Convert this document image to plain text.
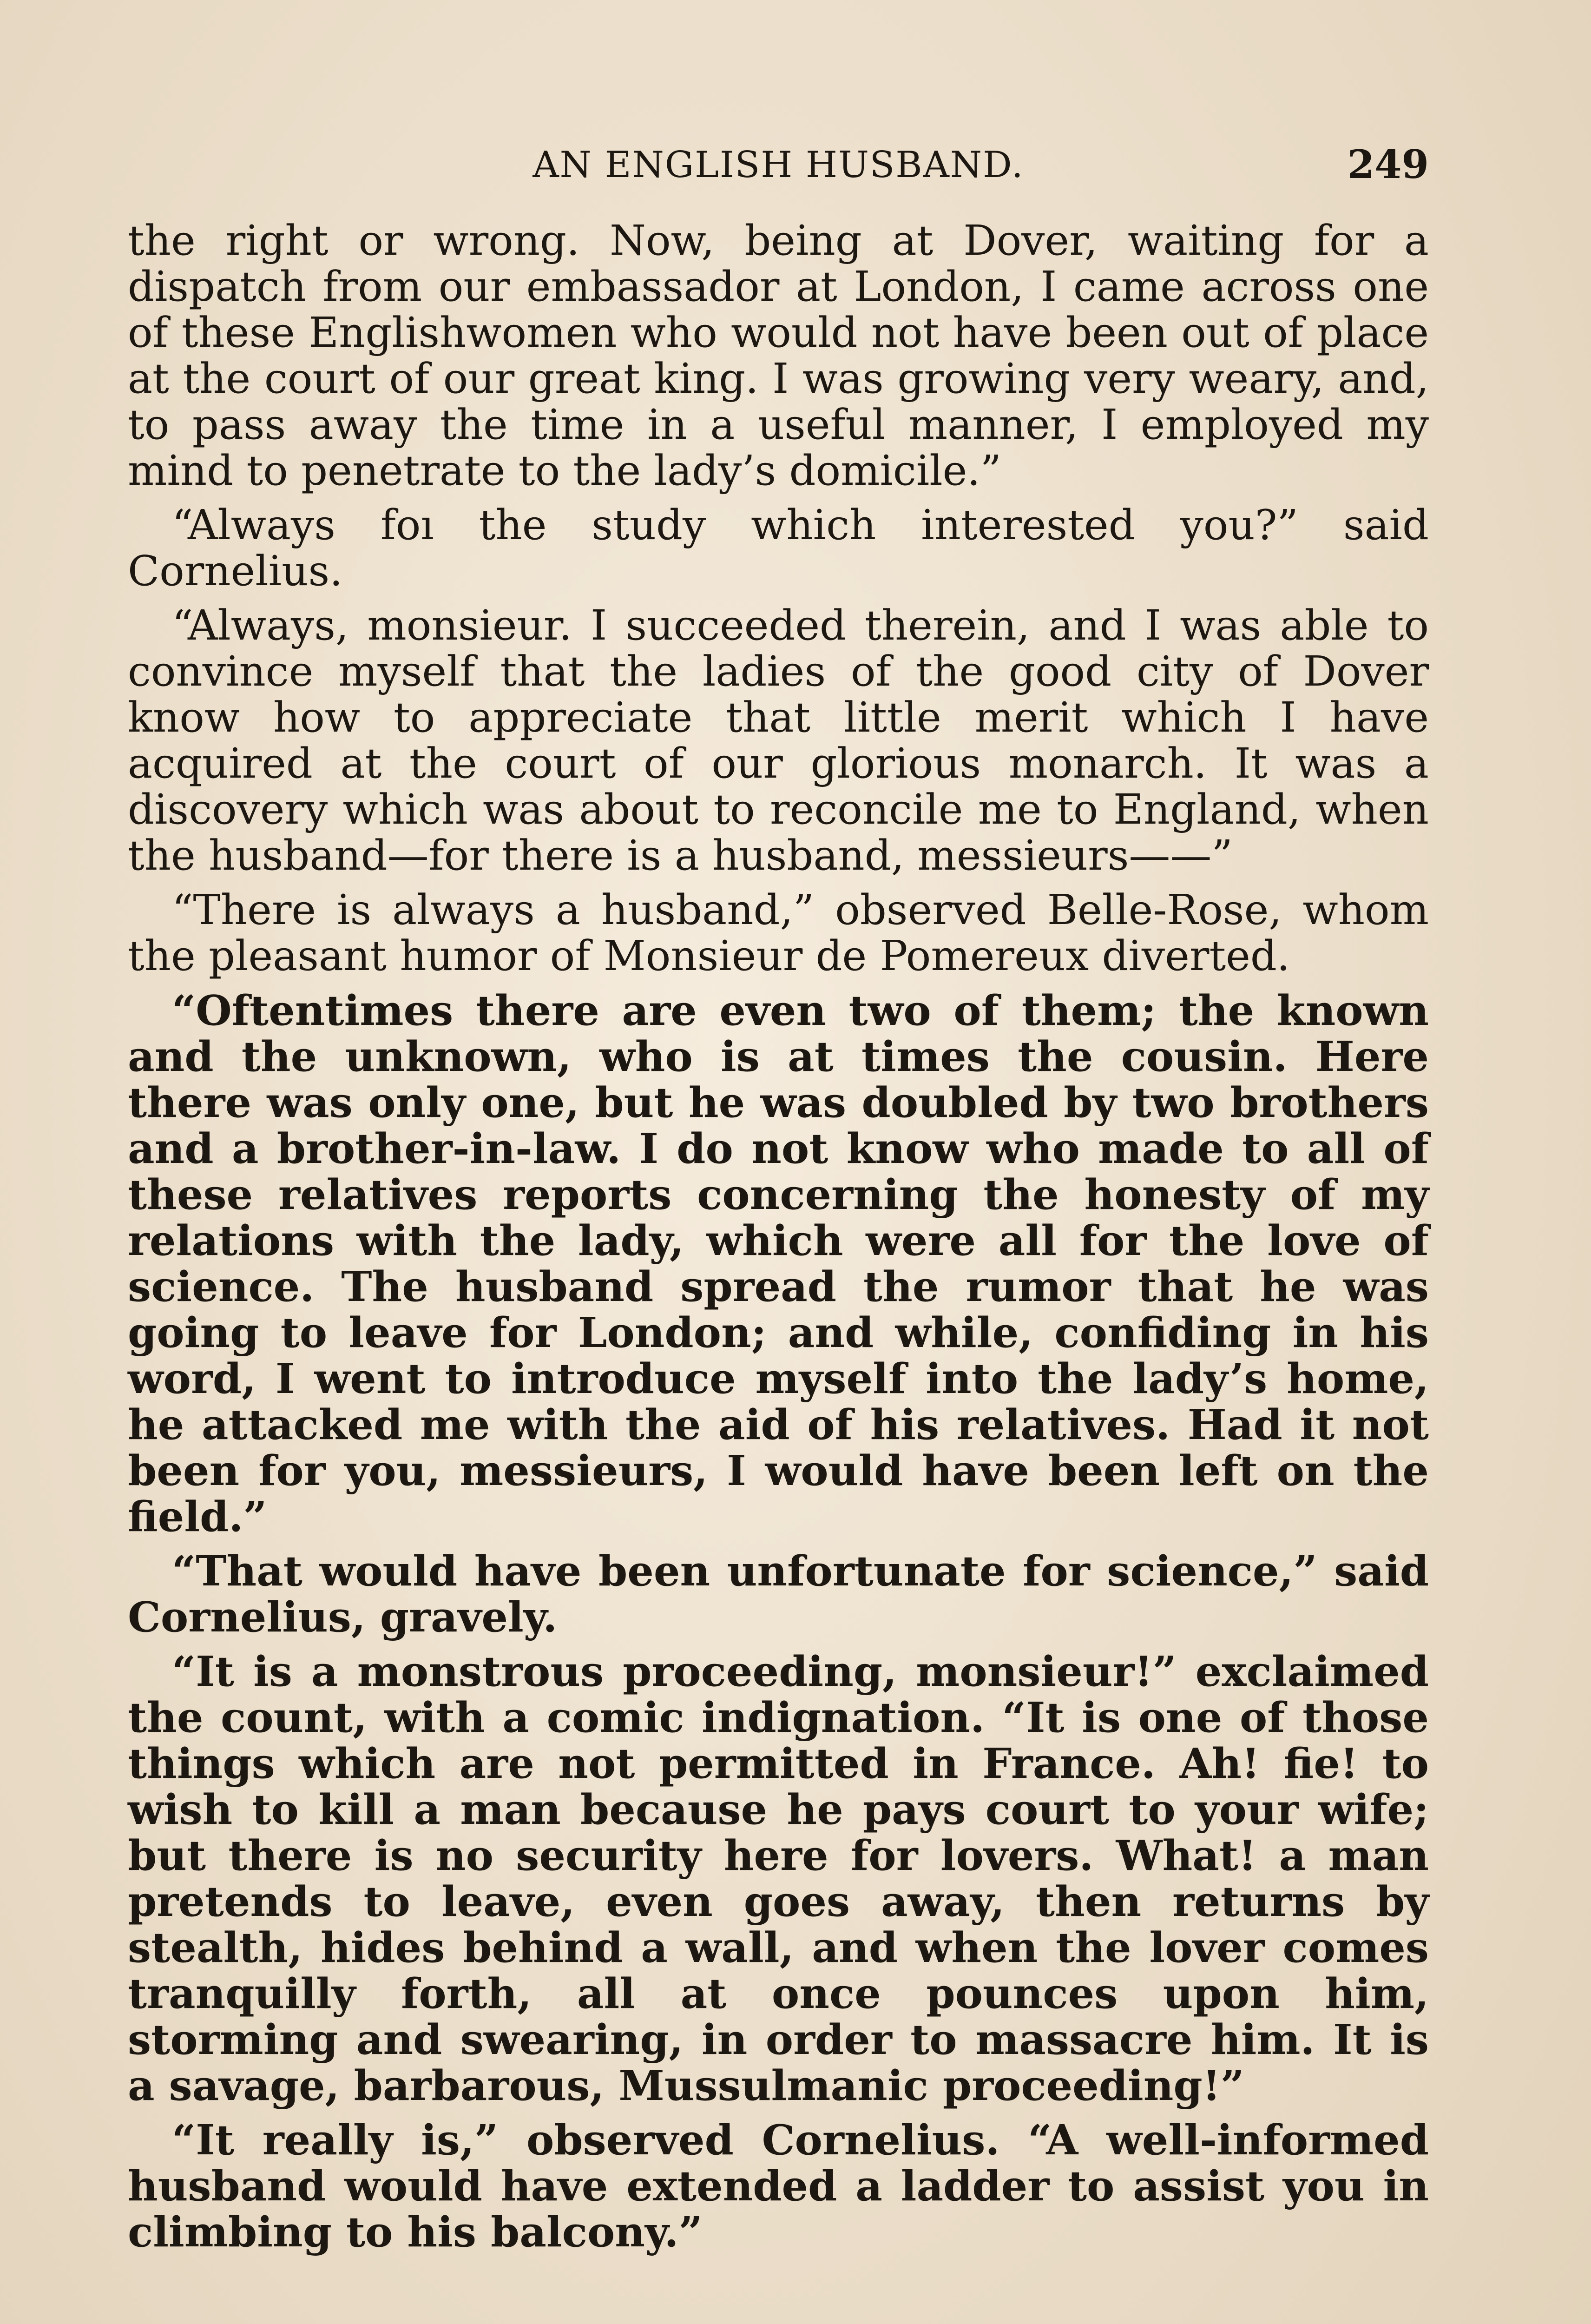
AN ENGLISH HUSBAND.	249

the right or wrong. Now, being at Dover, waiting for a dispatch from our embassador at London, I came across one of these Englishwomen who would not have been out of place at the court of our great king. I was growing very weary, and, to pass away the time in a useful manner, I employed my mind to penetrate to the lady’s domicile.”

“Always foı the study which interested you?” said Cornelius.

“Always, monsieur. I succeeded therein, and I was able to convince myself that the ladies of the good city of Dover know how to appreciate that little merit which I have acquired at the court of our glorious monarch. It was a discovery which was about to reconcile me to England, when the husband—for there is a husband, messieurs——”

“There is always a husband,” observed Belle-Rose, whom the pleasant humor of Monsieur de Pomereux diverted.

“Oftentimes there are even two of them; the known and the unknown, who is at times the cousin. Here there was only one, but he was doubled by two brothers and a brother-in-law. I do not know who made to all of these relatives reports concerning the honesty of my relations with the lady, which were all for the love of science. The husband spread the rumor that he was going to leave for London; and while, confiding in his word, I went to introduce myself into the lady’s home, he attacked me with the aid of his relatives. Had it not been for you, messieurs, I would have been left on the field.”

“That would have been unfortunate for science,” said Cornelius, gravely.

“It is a monstrous proceeding, monsieur!” exclaimed the count, with a comic indignation. “It is one of those things which are not permitted in France. Ah! fie! to wish to kill a man because he pays court to your wife; but there is no security here for lovers. What! a man pretends to leave, even goes away, then returns by stealth, hides behind a wall, and when the lover comes tranquilly forth, all at once pounces upon him, storming and swearing, in order to massacre him. It is a savage, barbarous, Mussulmanic proceeding!”

“It really is,” observed Cornelius. “A well-informed husband would have extended a ladder to assist you in climbing to his balcony.”
